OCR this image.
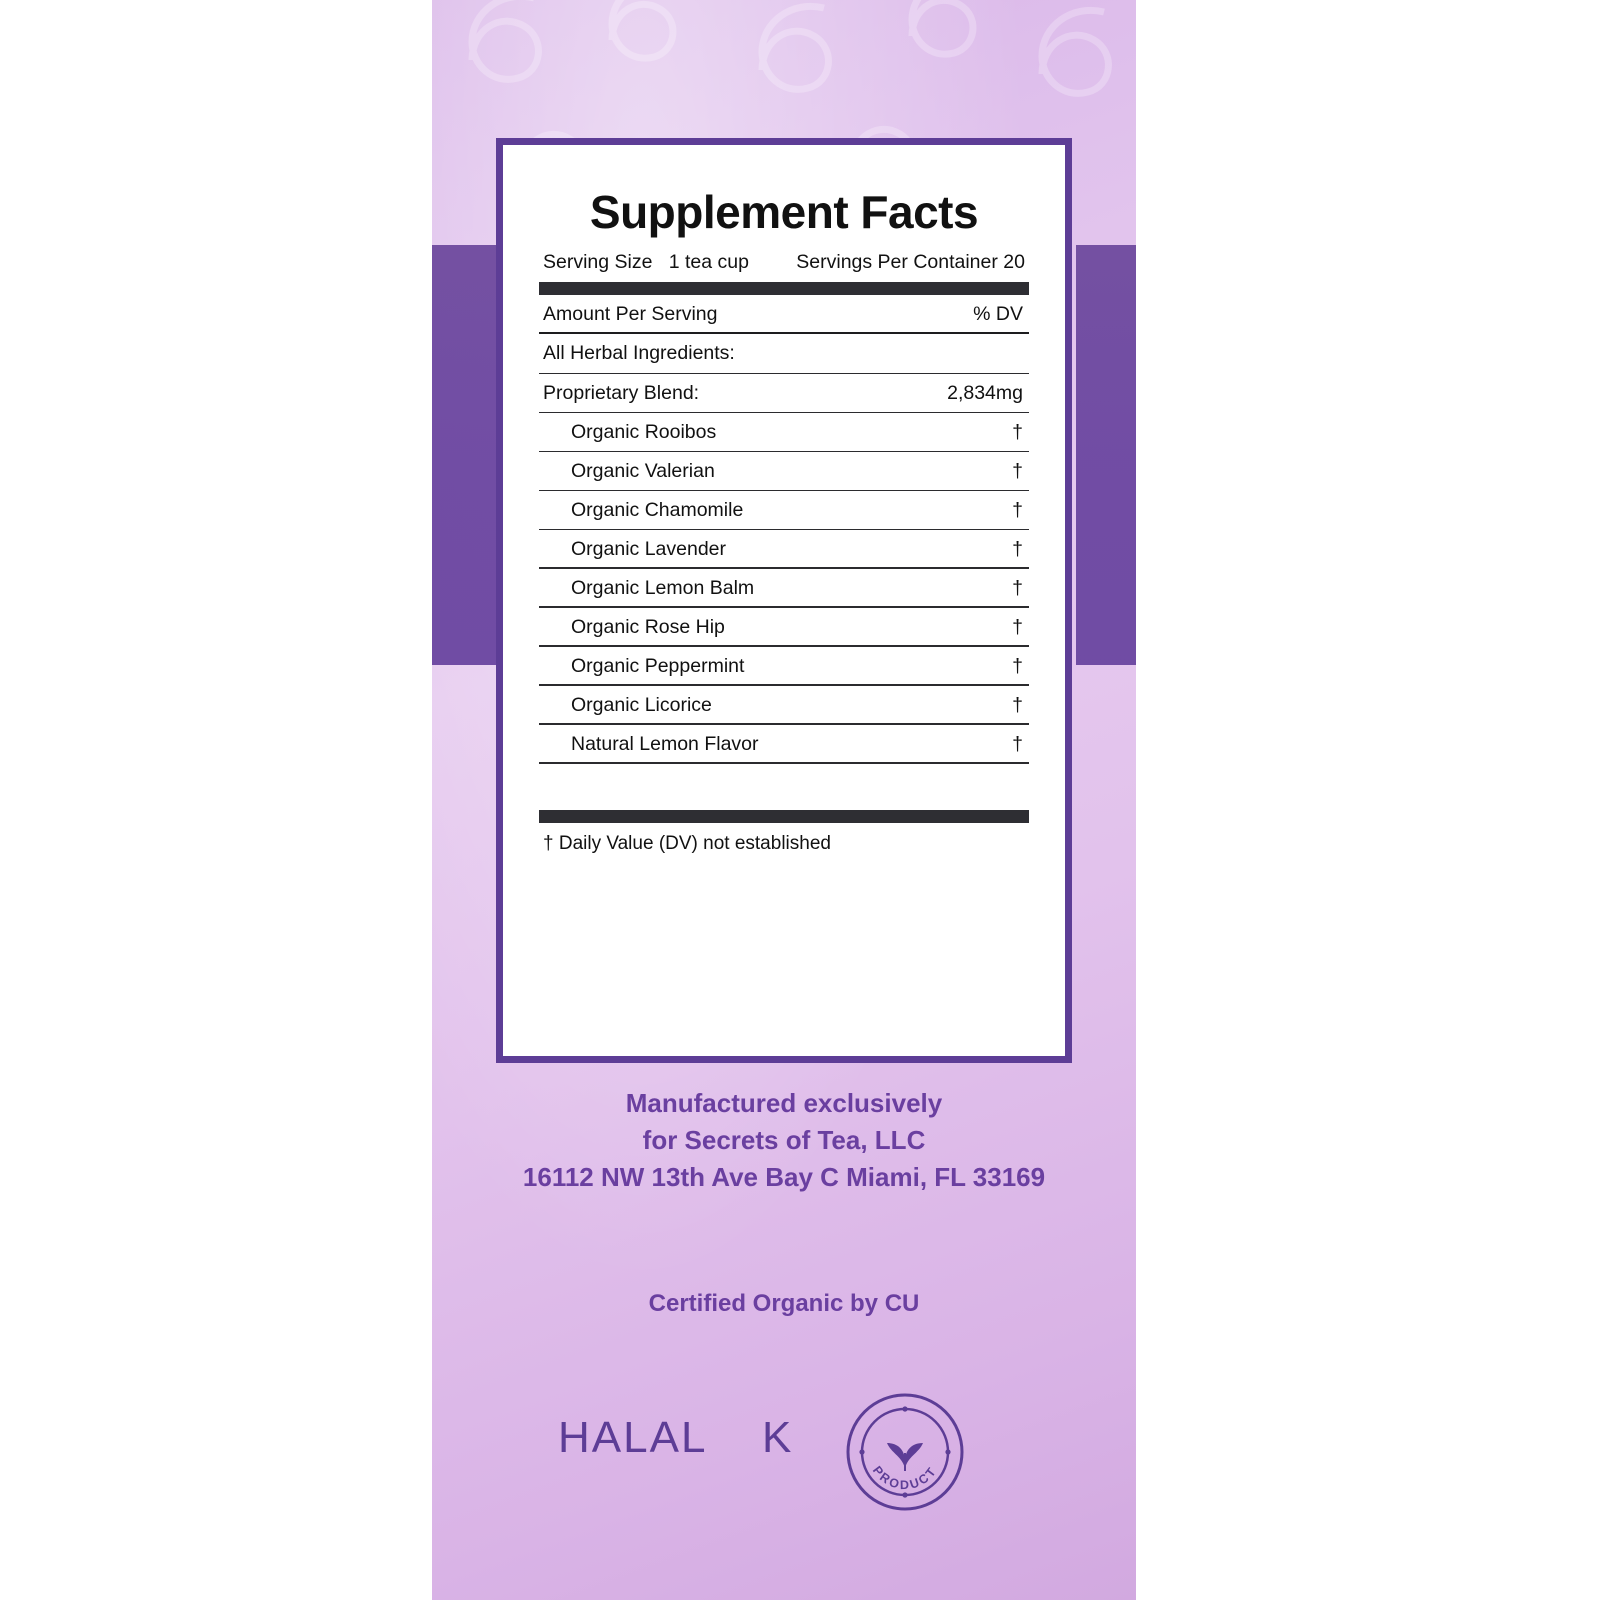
Supplement Facts
Serving Size 1 tea cup Servings Per Container 20
Amount Per Serving	% DV
All Herbal Ingredients:
Proprietary Blend:	2,834mg
Organic Rooibos	†
Organic Valerian	†
Organic Chamomile	†
Organic Lavender	†
Organic Lemon Balm	†
Organic Rose Hip	†
Organic Peppermint	†
Organic Licorice	†
Natural Lemon Flavor	†
† Daily Value (DV) not established
Manufactured exclusively
for Secrets of Tea, LLC
16112 NW 13th Ave Bay C Miami, FL 33169
Certified Organic by CU
HALAL K
PRODUCT
